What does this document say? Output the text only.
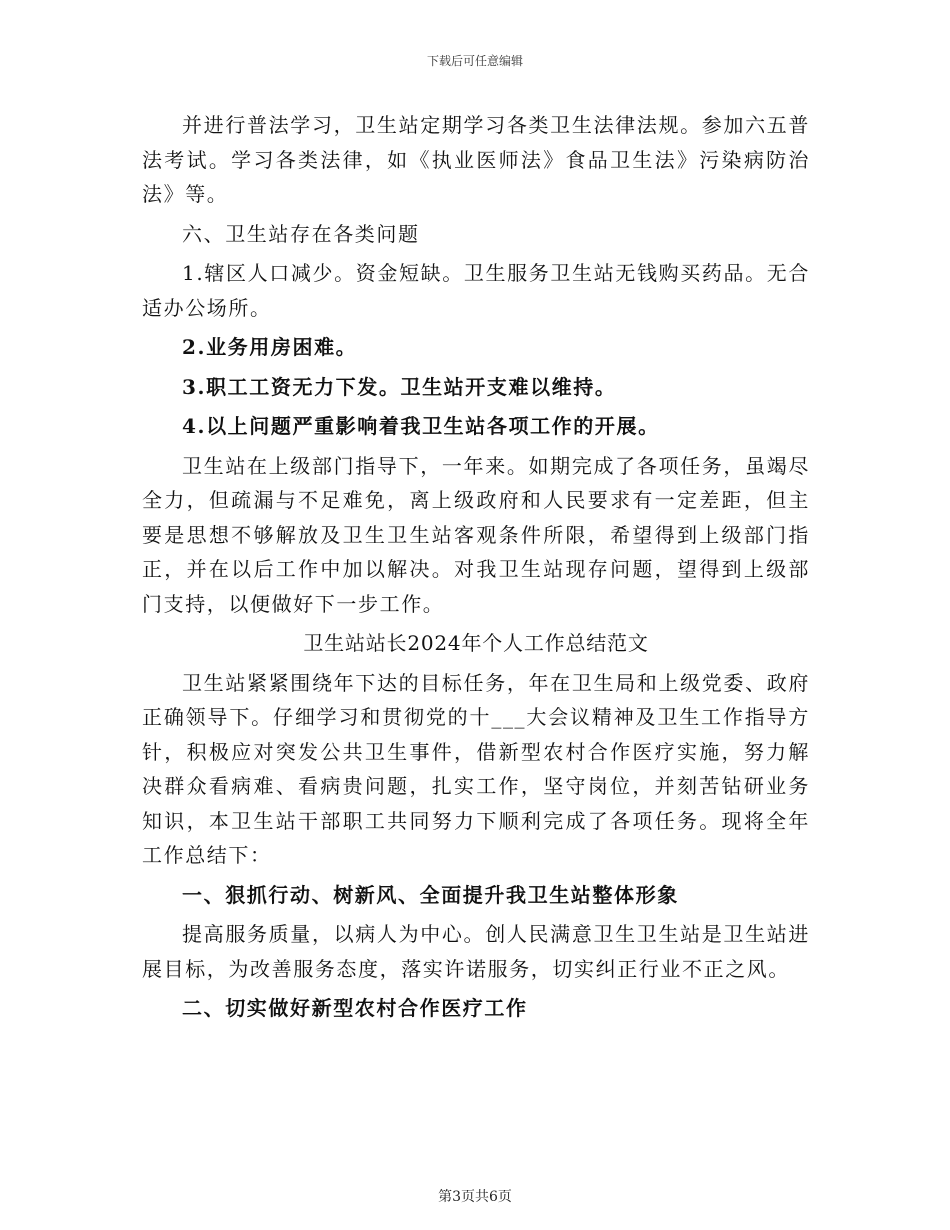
下载后可任意编辑

并进行普法学习，卫生站定期学习各类卫生法律法规。参加六五普法考试。学习各类法律，如《执业医师法》食品卫生法》污染病防治法》等。

六、卫生站存在各类问题

1.辖区人口减少。资金短缺。卫生服务卫生站无钱购买药品。无合适办公场所。

2.业务用房困难。

3.职工工资无力下发。卫生站开支难以维持。

4.以上问题严重影响着我卫生站各项工作的开展。

卫生站在上级部门指导下，一年来。如期完成了各项任务，虽竭尽全力，但疏漏与不足难免，离上级政府和人民要求有一定差距，但主要是思想不够解放及卫生卫生站客观条件所限，希望得到上级部门指正，并在以后工作中加以解决。对我卫生站现存问题，望得到上级部门支持，以便做好下一步工作。

卫生站站长2024年个人工作总结范文

卫生站紧紧围绕年下达的目标任务，年在卫生局和上级党委、政府正确领导下。仔细学习和贯彻党的十___大会议精神及卫生工作指导方针，积极应对突发公共卫生事件，借新型农村合作医疗实施，努力解决群众看病难、看病贵问题，扎实工作，坚守岗位，并刻苦钻研业务知识，本卫生站干部职工共同努力下顺利完成了各项任务。现将全年工作总结下：

一、狠抓行动、树新风、全面提升我卫生站整体形象

提高服务质量，以病人为中心。创人民满意卫生卫生站是卫生站进展目标，为改善服务态度，落实许诺服务，切实纠正行业不正之风。

二、切实做好新型农村合作医疗工作

第3页共6页
